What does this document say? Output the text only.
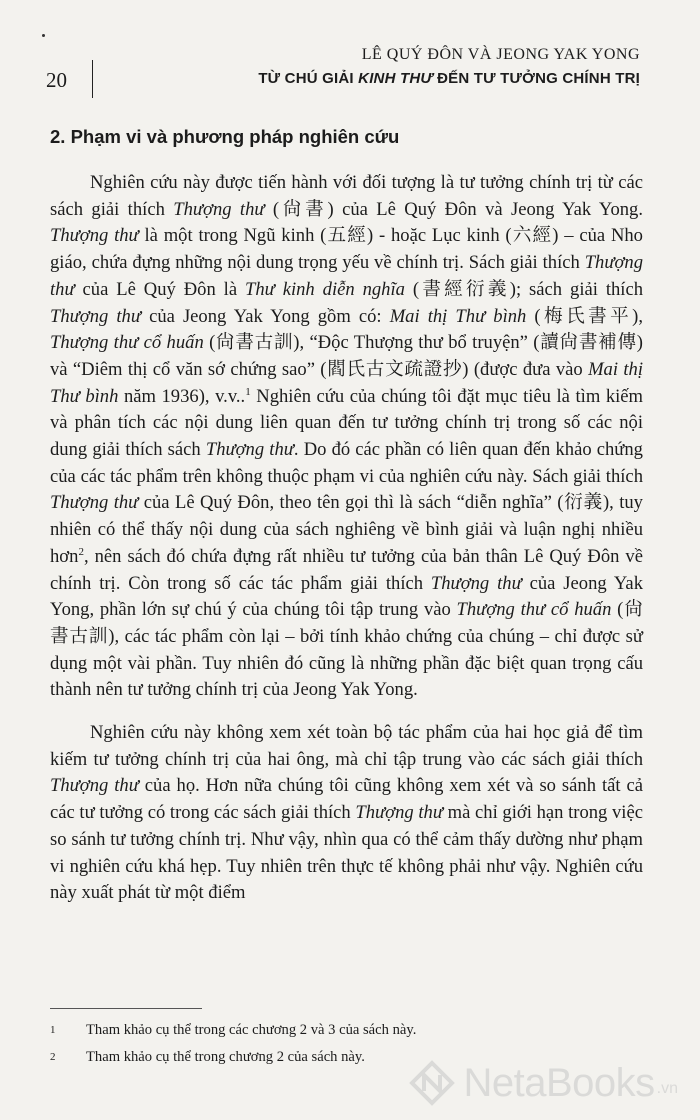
20
LÊ QUÝ ĐÔN VÀ JEONG YAK YONG
TỪ CHÚ GIẢI KINH THƯ ĐẾN TƯ TƯỞNG CHÍNH TRỊ
2. Phạm vi và phương pháp nghiên cứu

Nghiên cứu này được tiến hành với đối tượng là tư tưởng chính trị từ các sách giải thích Thượng thư (尙書) của Lê Quý Đôn và Jeong Yak Yong. Thượng thư là một trong Ngũ kinh (五經) - hoặc Lục kinh (六經) – của Nho giáo, chứa đựng những nội dung trọng yếu về chính trị. Sách giải thích Thượng thư của Lê Quý Đôn là Thư kinh diễn nghĩa (書經衍義); sách giải thích Thượng thư của Jeong Yak Yong gồm có: Mai thị Thư bình (梅氏書平), Thượng thư cổ huấn (尙書古訓), “Độc Thượng thư bổ truyện” (讀尙書補傳) và “Diêm thị cổ văn sớ chứng sao” (閻氏古文疏證抄) (được đưa vào Mai thị Thư bình năm 1936), v.v..$^1$ Nghiên cứu của chúng tôi đặt mục tiêu là tìm kiếm và phân tích các nội dung liên quan đến tư tưởng chính trị trong số các nội dung giải thích sách Thượng thư. Do đó các phần có liên quan đến khảo chứng của các tác phẩm trên không thuộc phạm vi của nghiên cứu này. Sách giải thích Thượng thư của Lê Quý Đôn, theo tên gọi thì là sách “diễn nghĩa” (衍義), tuy nhiên có thể thấy nội dung của sách nghiêng về bình giải và luận nghị nhiều hơn$^2$, nên sách đó chứa đựng rất nhiều tư tưởng của bản thân Lê Quý Đôn về chính trị. Còn trong số các tác phẩm giải thích Thượng thư của Jeong Yak Yong, phần lớn sự chú ý của chúng tôi tập trung vào Thượng thư cổ huấn (尙書古訓), các tác phẩm còn lại – bởi tính khảo chứng của chúng – chỉ được sử dụng một vài phần. Tuy nhiên đó cũng là những phần đặc biệt quan trọng cấu thành nên tư tưởng chính trị của Jeong Yak Yong.

Nghiên cứu này không xem xét toàn bộ tác phẩm của hai học giả để tìm kiếm tư tưởng chính trị của hai ông, mà chỉ tập trung vào các sách giải thích Thượng thư của họ. Hơn nữa chúng tôi cũng không xem xét và so sánh tất cả các tư tưởng có trong các sách giải thích Thượng thư mà chỉ giới hạn trong việc so sánh tư tưởng chính trị. Như vậy, nhìn qua có thể cảm thấy dường như phạm vi nghiên cứu khá hẹp. Tuy nhiên trên thực tế không phải như vậy. Nghiên cứu này xuất phát từ một điểm

1	Tham khảo cụ thể trong các chương 2 và 3 của sách này.
2	Tham khảo cụ thể trong chương 2 của sách này.
NetaBooks .vn
